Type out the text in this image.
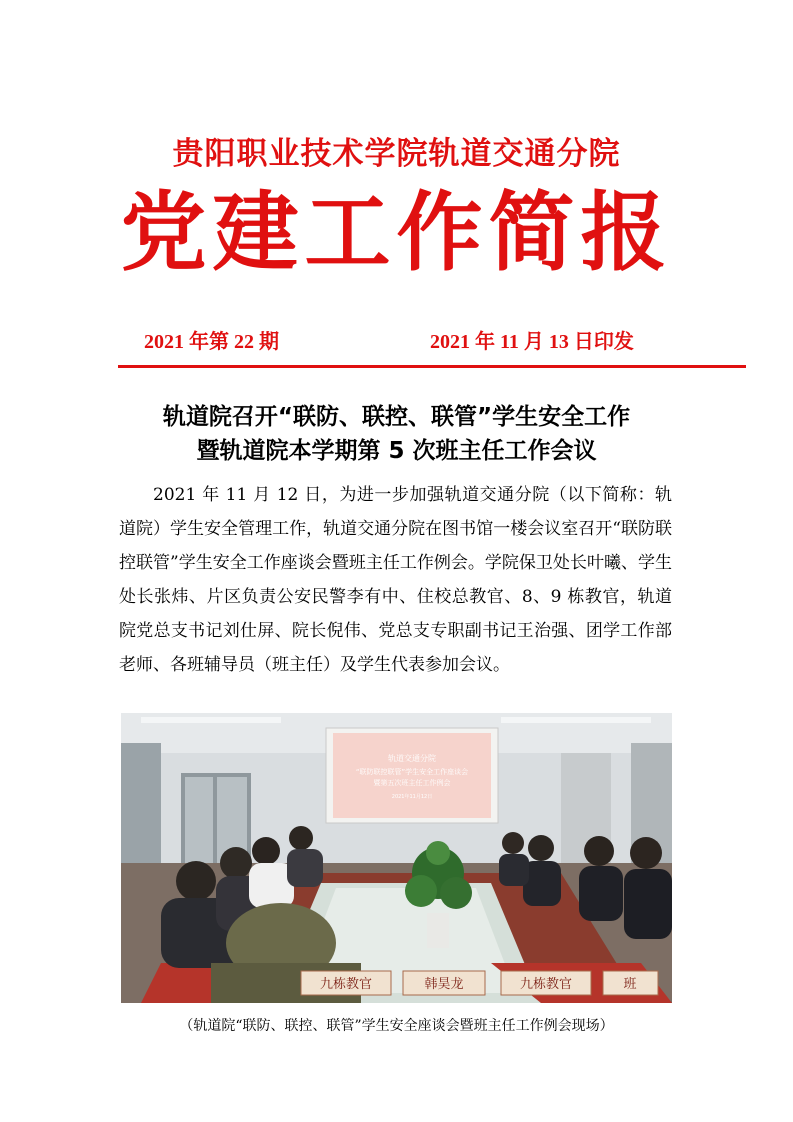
贵阳职业技术学院轨道交通分院
党建工作简报
2021 年第 22 期	2021 年 11 月 13 日印发
轨道院召开“联防、联控、联管”学生安全工作
暨轨道院本学期第 5 次班主任工作会议

2021 年 11 月 12 日，为进一步加强轨道交通分院（以下简称：轨道院）学生安全管理工作，轨道交通分院在图书馆一楼会议室召开“联防联控联管”学生安全工作座谈会暨班主任工作例会。学院保卫处长叶曦、学生处长张炜、片区负责公安民警李有中、住校总教官、8、9 栋教官，轨道院党总支书记刘仕屏、院长倪伟、党总支专职副书记王治强、团学工作部老师、各班辅导员（班主任）及学生代表参加会议。

轨道交通分院
“联防联控联管”学生安全工作座谈会
暨第五次班主任工作例会
2021年11月12日
九栋教官	韩昊龙	九栋教官	班
（轨道院“联防、联控、联管”学生安全座谈会暨班主任工作例会现场）
